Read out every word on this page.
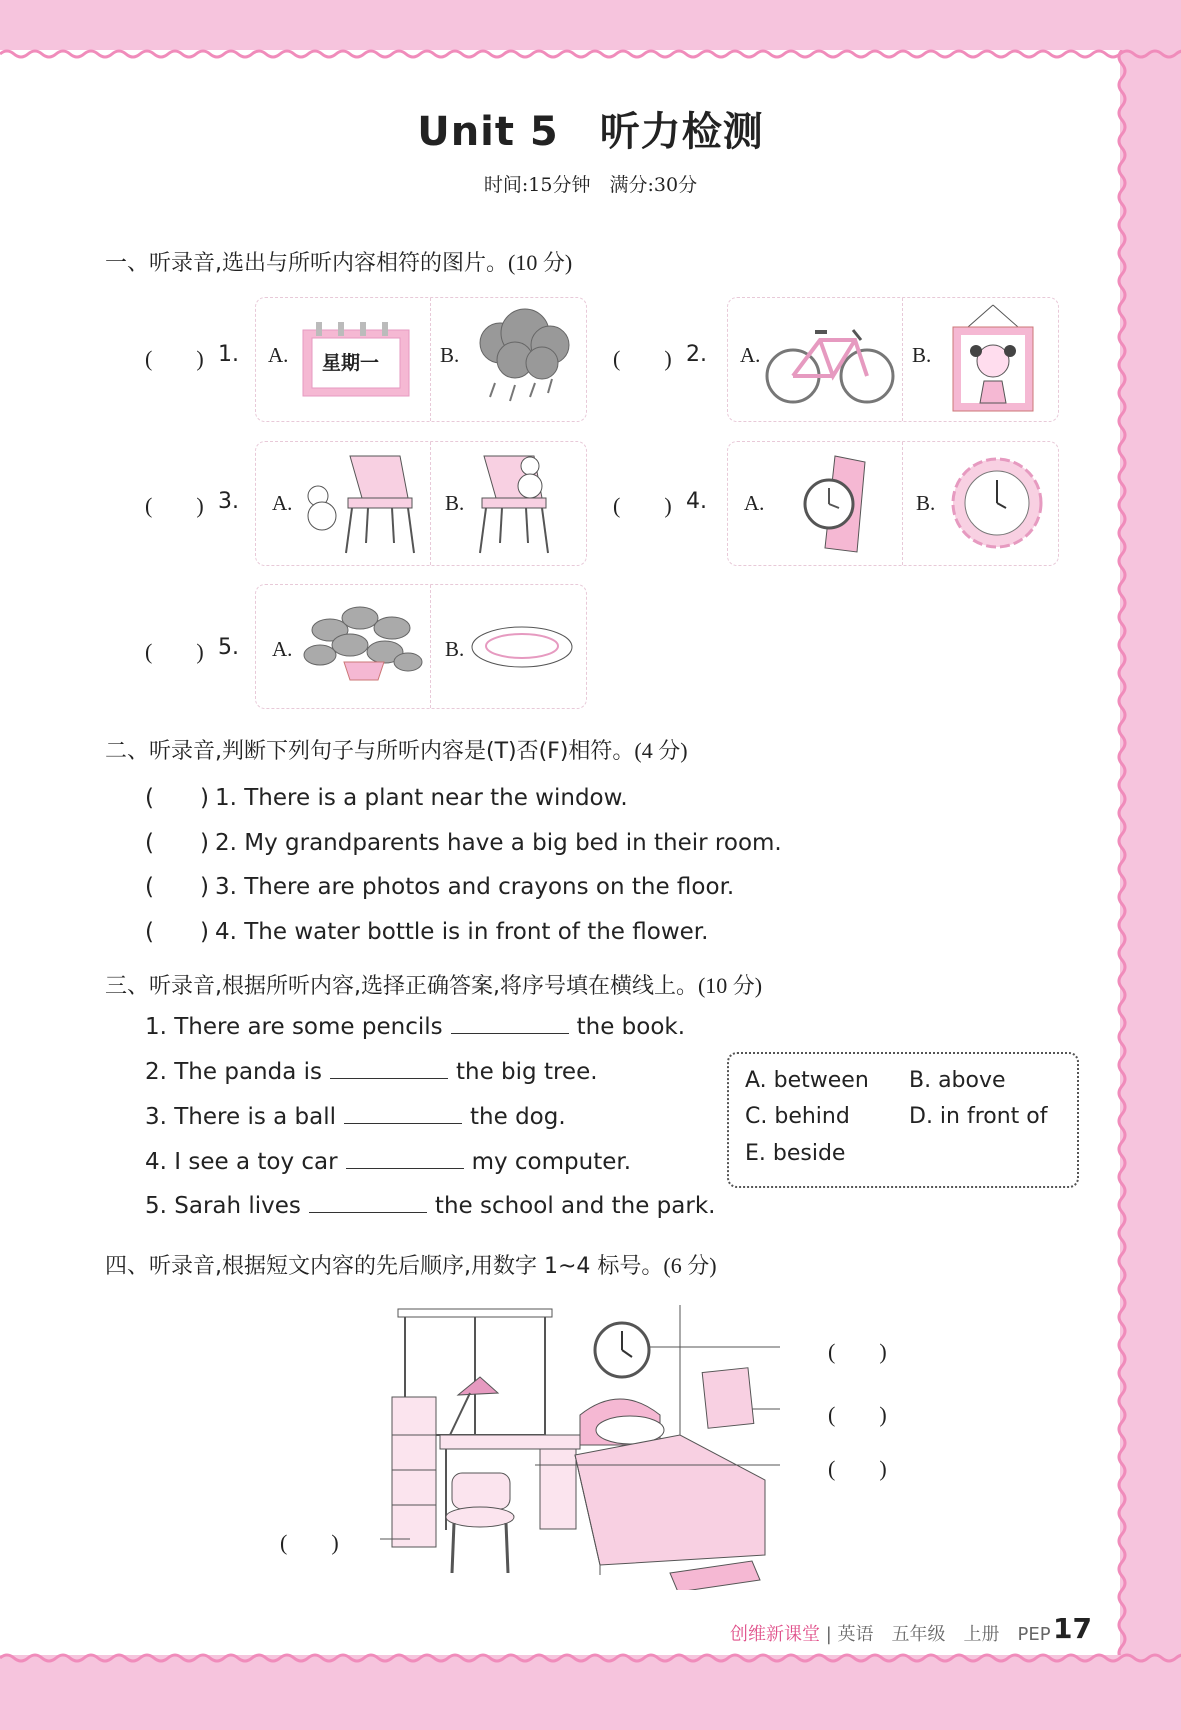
Unit 5　听力检测
时间:15分钟　满分:30分
一、听录音,选出与所听内容相符的图片。(10 分)
(　　) 1. A. 星期一	B.	(　　) 2. A.	B.
(　　) 3. A.	B.	(　　) 4. A.	B.
(　　) 5. A.	B.
二、听录音,判断下列句子与所听内容是(T)否(F)相符。(4 分)
(　　) 1. There is a plant near the window.
(　　) 2. My grandparents have a big bed in their room.
(　　) 3. There are photos and crayons on the floor.
(　　) 4. The water bottle is in front of the flower.
三、听录音,根据所听内容,选择正确答案,将序号填在横线上。(10 分)
1. There are some pencils	the book.
2. The panda is	the big tree.
3. There is a ball	the dog.
4. I see a toy car	my computer.
5. Sarah lives	the school and the park.
A. between B. above
C. behind	D. in front of
E. beside
四、听录音,根据短文内容的先后顺序,用数字 1~4 标号。(6 分)
(　　)
(　　)
(　　)
(　　)
创维新课堂 | 英语　五年级　上册　PEP 17
